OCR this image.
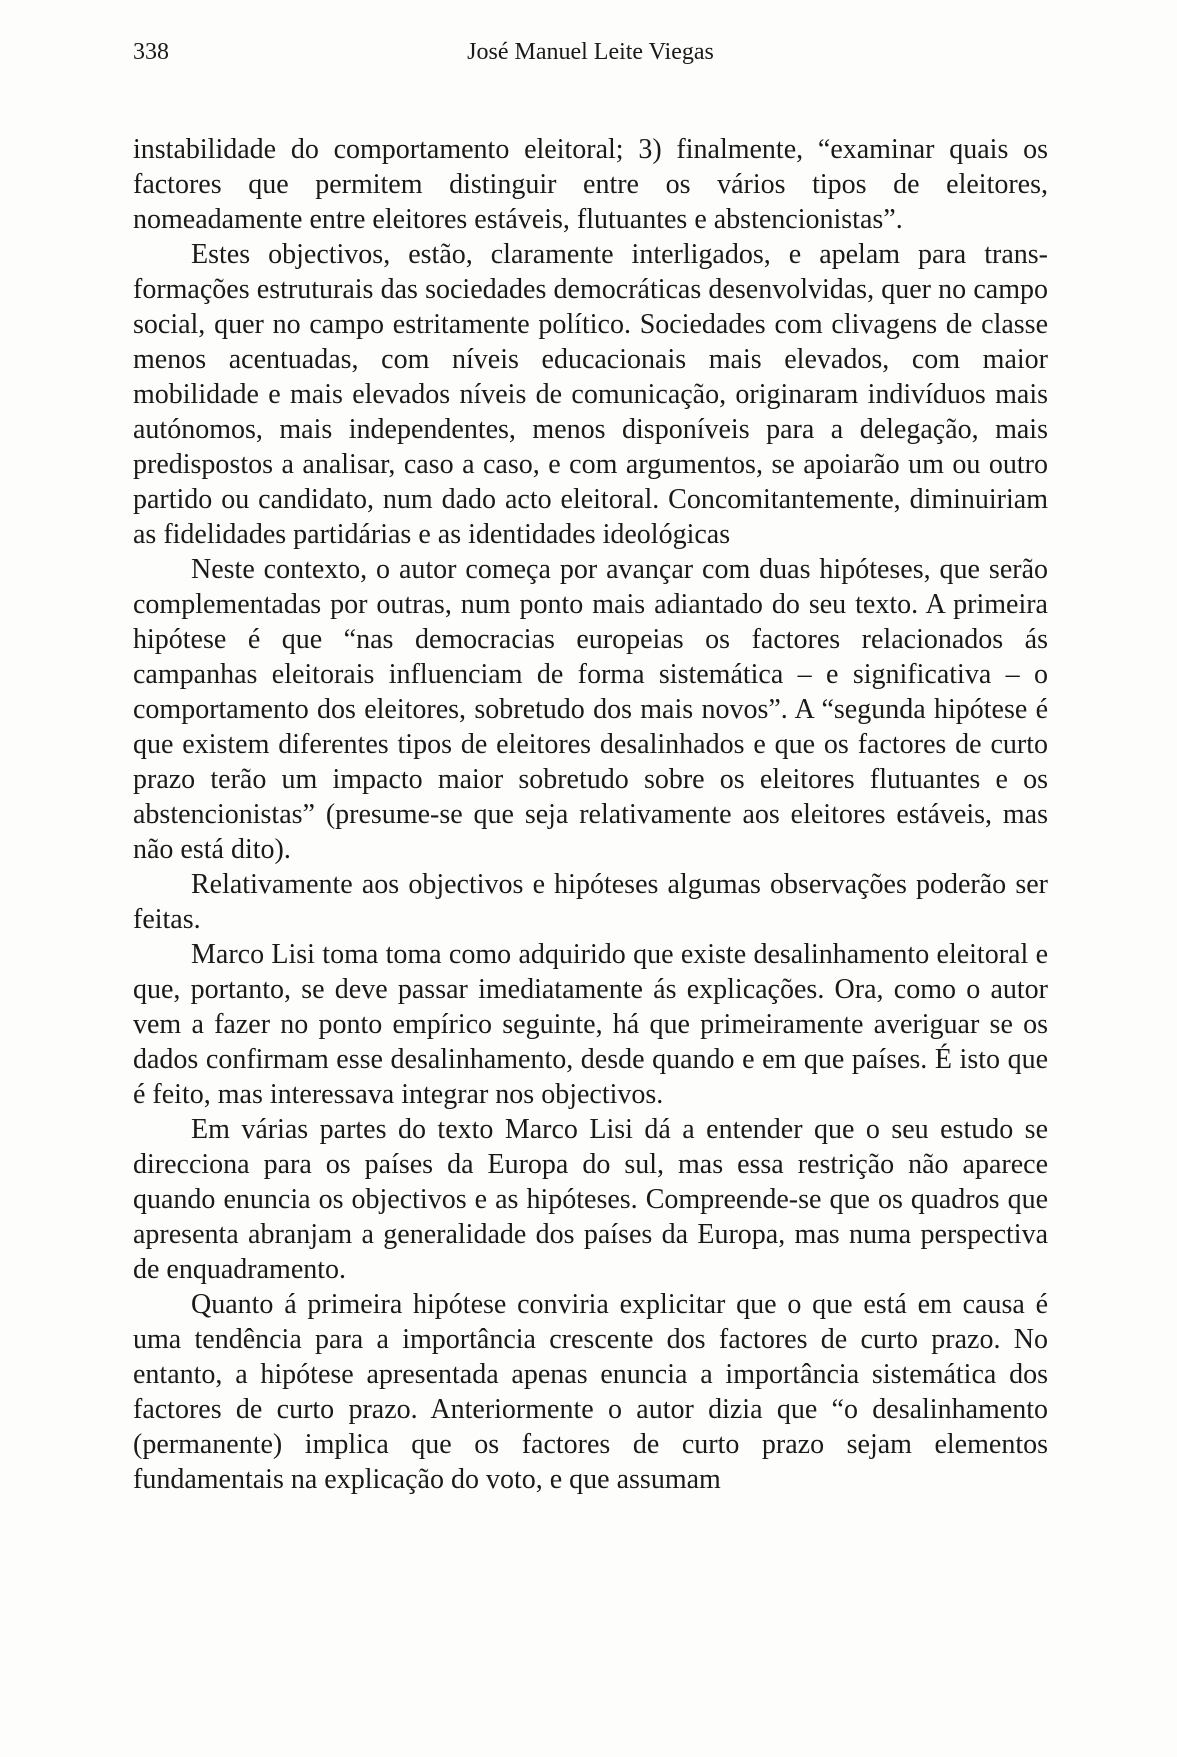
338	José Manuel Leite Viegas

instabilidade do comportamento eleitoral; 3) finalmente, “examinar quais os factores que permitem distinguir entre os vários tipos de eleitores, nomeadamente entre eleitores estáveis, flutuantes e abstencionistas”.

Estes objectivos, estão, claramente interligados, e apelam para transformações estruturais das sociedades democráticas desenvolvidas, quer no campo social, quer no campo estritamente político. Sociedades com clivagens de classe menos acentuadas, com níveis educacionais mais elevados, com maior mobilidade e mais elevados níveis de comunicação, originaram indivíduos mais autónomos, mais independentes, menos disponíveis para a delegação, mais predispostos a analisar, caso a caso, e com argumentos, se apoiarão um ou outro partido ou candidato, num dado acto eleitoral. Concomitantemente, diminuiriam as fidelidades partidárias e as identidades ideológicas

Neste contexto, o autor começa por avançar com duas hipóteses, que serão complementadas por outras, num ponto mais adiantado do seu texto. A primeira hipótese é que “nas democracias europeias os factores relacionados ás campanhas eleitorais influenciam de forma sistemática – e significativa – o comportamento dos eleitores, sobretudo dos mais novos”. A “segunda hipótese é que existem diferentes tipos de eleitores desalinhados e que os factores de curto prazo terão um impacto maior sobretudo sobre os eleitores flutuantes e os abstencionistas” (presume-se que seja relativamente aos eleitores estáveis, mas não está dito).

Relativamente aos objectivos e hipóteses algumas observações poderão ser feitas.

Marco Lisi toma toma como adquirido que existe desalinhamento eleitoral e que, portanto, se deve passar imediatamente ás explicações. Ora, como o autor vem a fazer no ponto empírico seguinte, há que primeiramente averiguar se os dados confirmam esse desalinhamento, desde quando e em que países. É isto que é feito, mas interessava integrar nos objectivos.

Em várias partes do texto Marco Lisi dá a entender que o seu estudo se direcciona para os países da Europa do sul, mas essa restrição não aparece quando enuncia os objectivos e as hipóteses. Compreende-se que os quadros que apresenta abranjam a generalidade dos países da Europa, mas numa perspectiva de enquadramento.

Quanto á primeira hipótese conviria explicitar que o que está em causa é uma tendência para a importância crescente dos factores de curto prazo. No entanto, a hipótese apresentada apenas enuncia a importância sistemática dos factores de curto prazo. Anteriormente o autor dizia que “o desalinhamento (permanente) implica que os factores de curto prazo sejam elementos fundamentais na explicação do voto, e que assumam
